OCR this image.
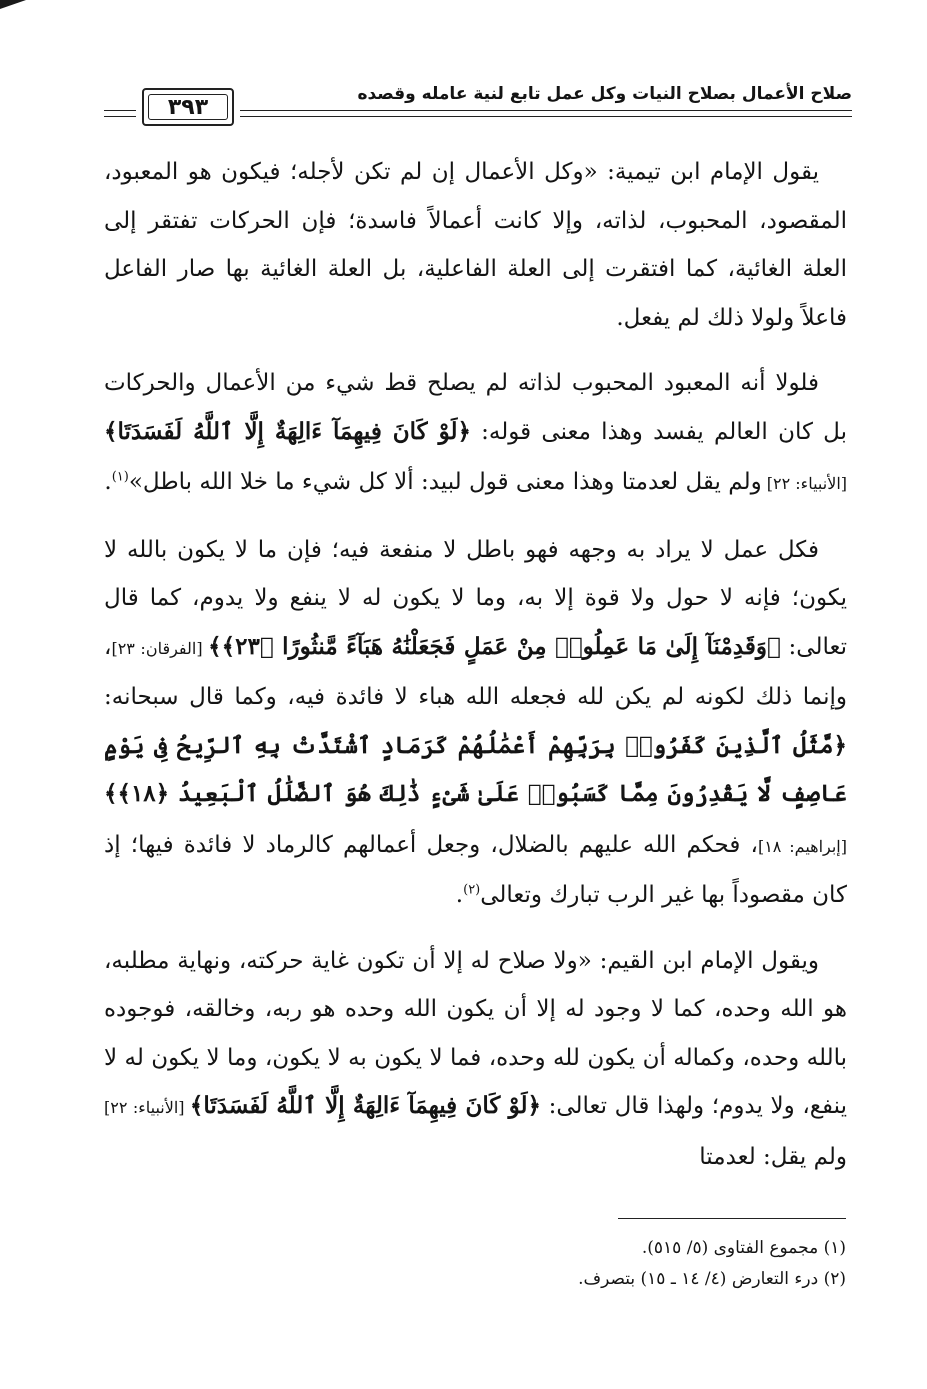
صلاح الأعمال بصلاح النيات وكل عمل تابع لنية عامله وقصده
٣٩٣

يقول الإمام ابن تيمية: «وكل الأعمال إن لم تكن لأجله؛ فيكون هو المعبود، المقصود، المحبوب، لذاته، وإلا كانت أعمالاً فاسدة؛ فإن الحركات تفتقر إلى العلة الغائية، كما افتقرت إلى العلة الفاعلية، بل العلة الغائية بها صار الفاعل فاعلاً ولولا ذلك لم يفعل.

فلولا أنه المعبود المحبوب لذاته لم يصلح قط شيء من الأعمال والحركات بل كان العالم يفسد وهذا معنى قوله: ﴿لَوْ كَانَ فِيهِمَآ ءَالِهَةٌ إِلَّا ٱللَّهُ لَفَسَدَتَا﴾ [الأنبياء: ٢٢] ولم يقل لعدمتا وهذا معنى قول لبيد: ألا كل شيء ما خلا الله باطل»$^{(١)}$.

فكل عمل لا يراد به وجهه فهو باطل لا منفعة فيه؛ فإن ما لا يكون بالله لا يكون؛ فإنه لا حول ولا قوة إلا به، وما لا يكون له لا ينفع ولا يدوم، كما قال تعالى: ﴿وَقَدِمْنَآ إِلَىٰ مَا عَمِلُوا۟ مِنْ عَمَلٍ فَجَعَلْنَٰهُ هَبَآءً مَّنثُورًا ﴿٢٣﴾﴾ [الفرقان: ٢٣]، وإنما ذلك لكونه لم يكن لله فجعله الله هباء لا فائدة فيه، وكما قال سبحانه: ﴿مَّثَلُ ٱلَّذِينَ كَفَرُوا۟ بِرَبِّهِمْ أَعْمَٰلُهُمْ كَرَمَادٍ ٱشْتَدَّتْ بِهِ ٱلرِّيحُ فِى يَوْمٍ عَاصِفٍ لَّا يَقْدِرُونَ مِمَّا كَسَبُوا۟ عَلَىٰ شَىْءٍ ذَٰلِكَ هُوَ ٱلضَّلَٰلُ ٱلْبَعِيدُ ﴿١٨﴾﴾ [إبراهيم: ١٨]، فحكم الله عليهم بالضلال، وجعل أعمالهم كالرماد لا فائدة فيها؛ إذ كان مقصوداً بها غير الرب تبارك وتعالى$^{(٢)}$.

ويقول الإمام ابن القيم: «ولا صلاح له إلا أن تكون غاية حركته، ونهاية مطلبه، هو الله وحده، كما لا وجود له إلا أن يكون الله وحده هو ربه، وخالقه، فوجوده بالله وحده، وكماله أن يكون لله وحده، فما لا يكون به لا يكون، وما لا يكون له لا ينفع، ولا يدوم؛ ولهذا قال تعالى: ﴿لَوْ كَانَ فِيهِمَآ ءَالِهَةٌ إِلَّا ٱللَّهُ لَفَسَدَتَا﴾ [الأنبياء: ٢٢] ولم يقل: لعدمتا

(١) مجموع الفتاوى (٥/ ٥١٥).

(٢) درء التعارض (٤/ ١٤ ـ ١٥) بتصرف.
